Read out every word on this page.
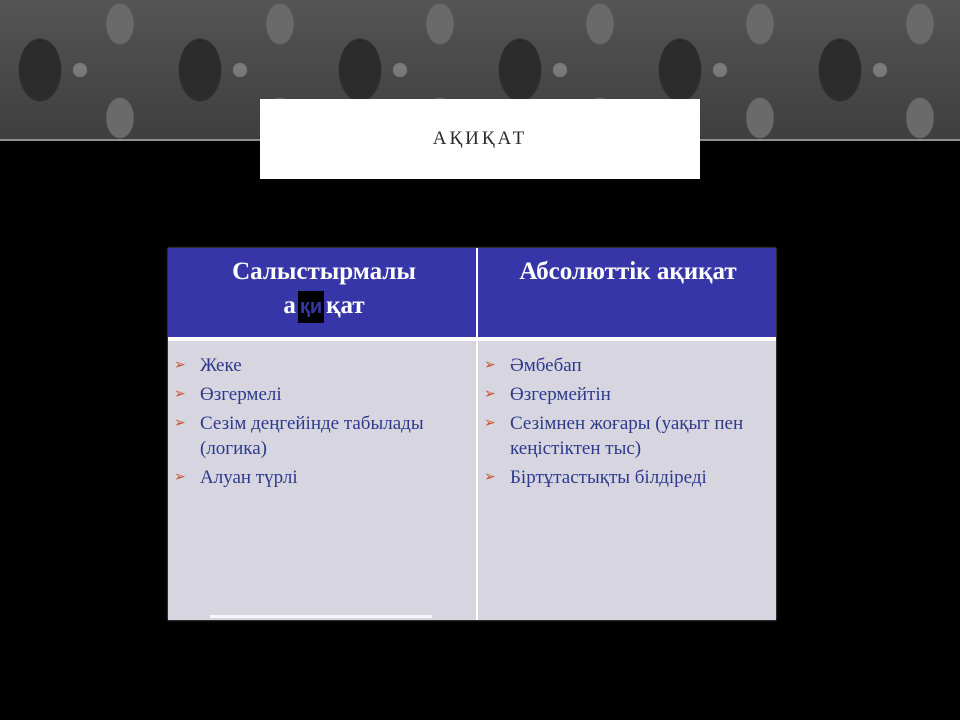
АҚИҚАТ
Салыстырмалы
а қи қат
Абсолюттік ақиқат
➢ Жеке
➢ Өзгермелі
➢ Сезім деңгейінде табылады (логика)
➢ Алуан түрлі
➢ Әмбебап
➢ Өзгермейтін
➢ Сезімнен жоғары (уақыт пен кеңістіктен тыс)
➢ Біртұтастықты білдіреді
